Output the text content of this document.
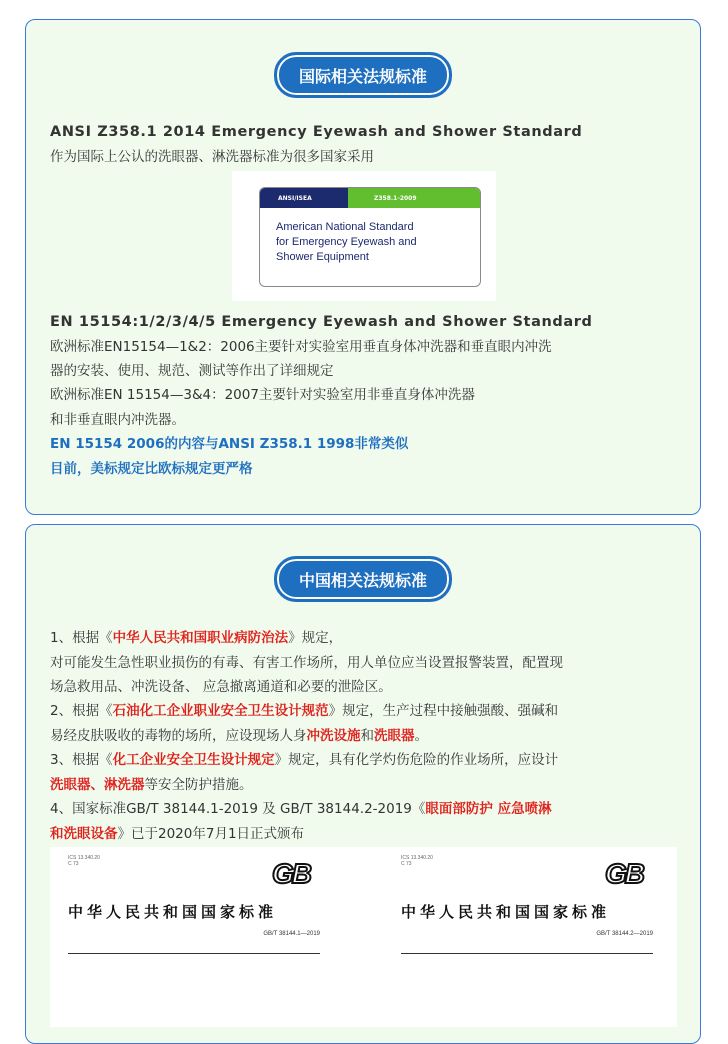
国际相关法规标准
ANSI Z358.1 2014 Emergency Eyewash and Shower Standard
作为国际上公认的洗眼器、淋洗器标准为很多国家采用
ANSI/ISEA	Z358.1-2009
American National Standard
for Emergency Eyewash and
Shower Equipment
EN 15154:1/2/3/4/5 Emergency Eyewash and Shower Standard
欧洲标准EN15154—1&2：2006主要针对实验室用垂直身体冲洗器和垂直眼内冲洗
器的安装、使用、规范、测试等作出了详细规定
欧洲标准EN 15154—3&4：2007主要针对实验室用非垂直身体冲洗器
和非垂直眼内冲洗器。
EN 15154 2006的内容与ANSI Z358.1 1998非常类似
目前，美标规定比欧标规定更严格
中国相关法规标准
1、根据《中华人民共和国职业病防治法》规定，
对可能发生急性职业损伤的有毒、有害工作场所，用人单位应当设置报警装置，配置现
场急救用品、冲洗设备、 应急撤离通道和必要的泄险区。
2、根据《石油化工企业职业安全卫生设计规范》规定，生产过程中接触强酸、强碱和
易经皮肤吸收的毒物的场所，应设现场人身冲洗设施和洗眼器。
3、根据《化工企业安全卫生设计规定》规定，具有化学灼伤危险的作业场所，应设计
洗眼器、淋洗器等安全防护措施。
4、国家标准GB/T 38144.1-2019 及 GB/T 38144.2-2019《眼面部防护 应急喷淋
和洗眼设备》已于2020年7月1日正式颁布
ICS 13.340.20
C 73	GB
中华人民共和国国家标准
GB/T 38144.1—2019
ICS 13.340.20
C 73	GB
中华人民共和国国家标准
GB/T 38144.2—2019
